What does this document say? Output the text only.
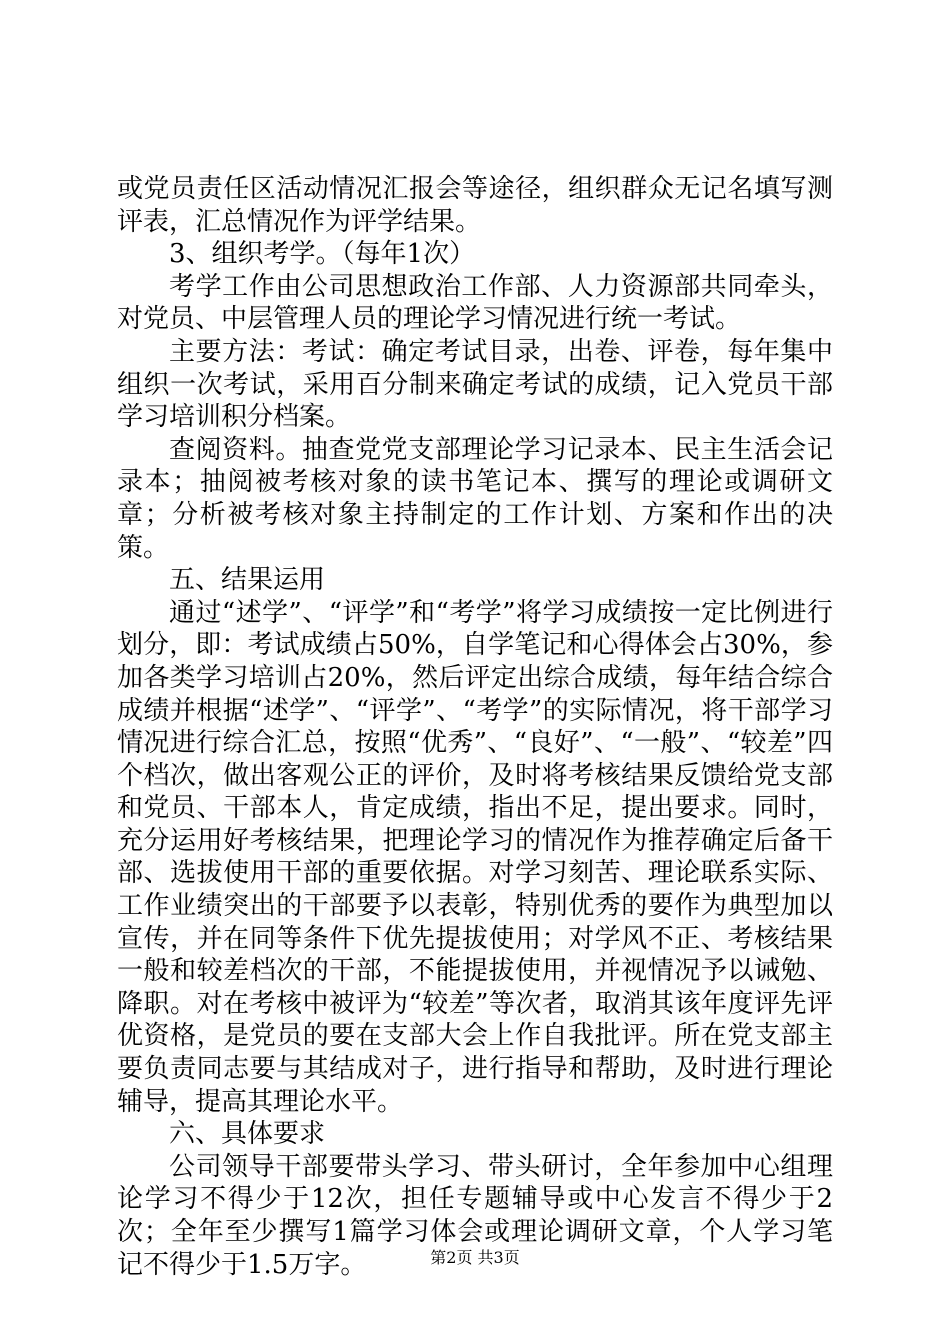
或党员责任区活动情况汇报会等途径，组织群众无记名填写测评表，汇总情况作为评学结果。

3、组织考学。（每年1次）

考学工作由公司思想政治工作部、人力资源部共同牵头，对党员、中层管理人员的理论学习情况进行统一考试。

主要方法：考试：确定考试目录，出卷、评卷，每年集中组织一次考试，采用百分制来确定考试的成绩，记入党员干部学习培训积分档案。

查阅资料。抽查党党支部理论学习记录本、民主生活会记录本；抽阅被考核对象的读书笔记本、撰写的理论或调研文章；分析被考核对象主持制定的工作计划、方案和作出的决策。

五、结果运用

通过“述学”、“评学”和“考学”将学习成绩按一定比例进行划分，即：考试成绩占50%，自学笔记和心得体会占30%，参加各类学习培训占20%，然后评定出综合成绩，每年结合综合成绩并根据“述学”、“评学”、“考学”的实际情况，将干部学习情况进行综合汇总，按照“优秀”、“良好”、“一般”、“较差”四个档次，做出客观公正的评价，及时将考核结果反馈给党支部和党员、干部本人，肯定成绩，指出不足，提出要求。同时，充分运用好考核结果，把理论学习的情况作为推荐确定后备干部、选拔使用干部的重要依据。对学习刻苦、理论联系实际、工作业绩突出的干部要予以表彰，特别优秀的要作为典型加以宣传，并在同等条件下优先提拔使用；对学风不正、考核结果一般和较差档次的干部，不能提拔使用，并视情况予以诫勉、降职。对在考核中被评为“较差”等次者，取消其该年度评先评优资格，是党员的要在支部大会上作自我批评。所在党支部主要负责同志要与其结成对子，进行指导和帮助，及时进行理论辅导，提高其理论水平。

六、具体要求

公司领导干部要带头学习、带头研讨，全年参加中心组理论学习不得少于12次，担任专题辅导或中心发言不得少于2次；全年至少撰写1篇学习体会或理论调研文章，个人学习笔记不得少于1.5万字。	第2页 共3页
